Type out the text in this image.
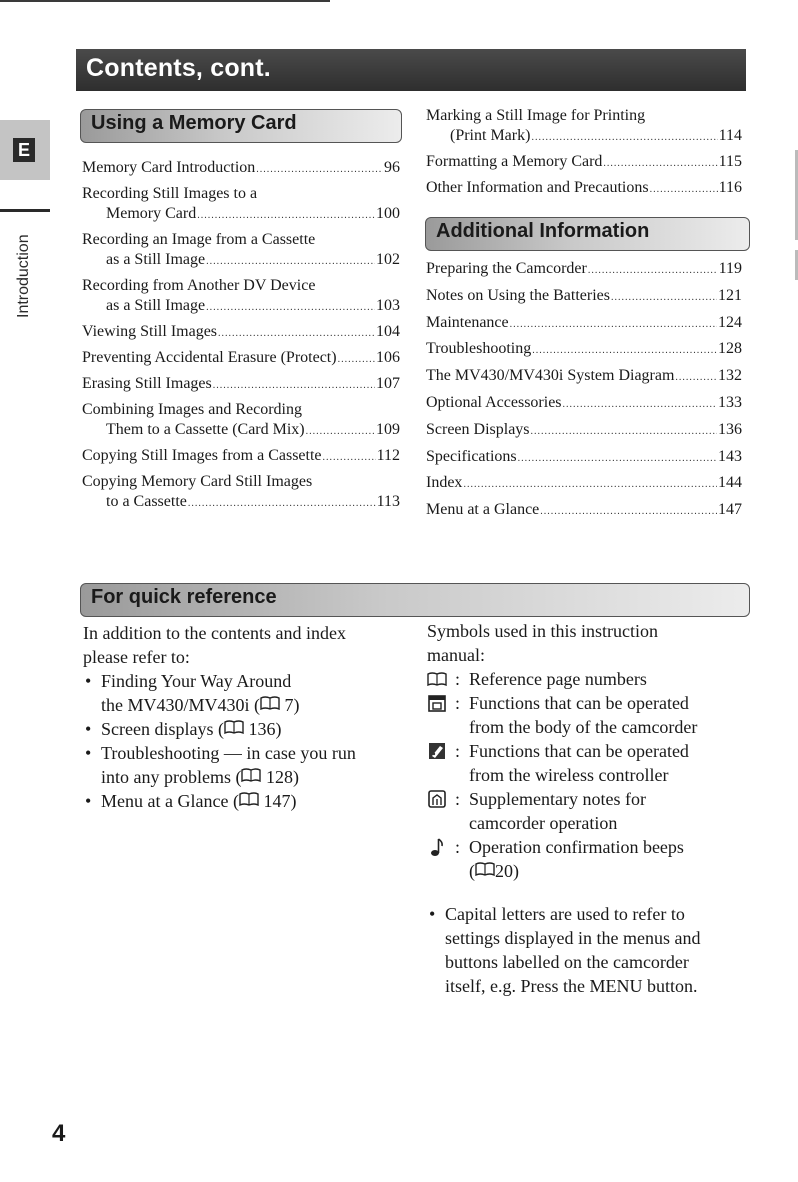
Contents, cont.
E
Introduction
Using a Memory Card
Memory Card Introduction .....	96
Recording Still Images to a
Memory Card .....	100
Recording an Image from a Cassette
as a Still Image .....	102
Recording from Another DV Device
as a Still Image .....	103
Viewing Still Images .....	104
Preventing Accidental Erasure (Protect) ..... 106
Erasing Still Images .....	107
Combining Images and Recording
Them to a Cassette (Card Mix) .....	109
Copying Still Images from a Cassette .....	112
Copying Memory Card Still Images
to a Cassette .....	113
Marking a Still Image for Printing
(Print Mark) .....	114
Formatting a Memory Card .....	115
Other Information and Precautions .....	116
Additional Information
Preparing the Camcorder .....	119
Notes on Using the Batteries .....	121
Maintenance .....	124
Troubleshooting .....	128
The MV430/MV430i System Diagram .....	132
Optional Accessories .....	133
Screen Displays .....	136
Specifications .....	143
Index .....	144
Menu at a Glance .....	147
For quick reference
In addition to the contents and index
please refer to:
• Finding Your Way Around
the MV430/MV430i ( 7)
• Screen displays ( 136)
• Troubleshooting — in case you run
into any problems ( 128)
• Menu at a Glance ( 147)
Symbols used in this instruction
manual:
: Reference page numbers
: Functions that can be operated
from the body of the camcorder
: Functions that can be operated
from the wireless controller
: Supplementary notes for
camcorder operation
: Operation confirmation beeps
( 20)
• Capital letters are used to refer to
settings displayed in the menus and
buttons labelled on the camcorder
itself, e.g. Press the MENU button.
4
